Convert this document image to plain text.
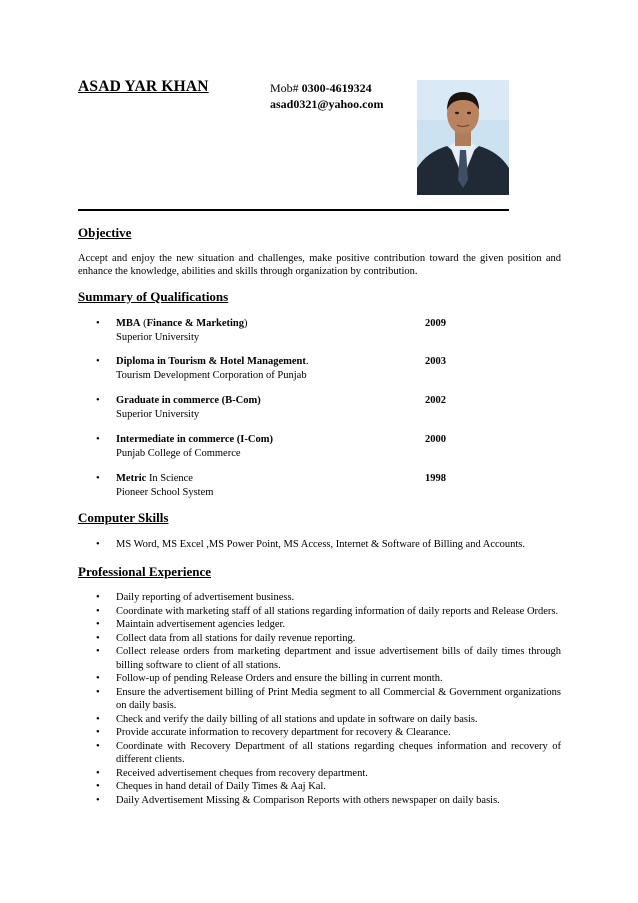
ASAD YAR KHAN	Mob# 0300-4619324
asad0321@yahoo.com
Objective
Accept and enjoy the new situation and challenges, make positive contribution toward the given position and enhance the knowledge, abilities and skills through organization by contribution.
Summary of Qualifications
• MBA (Finance & Marketing)
Superior University
2009
• Diploma in Tourism & Hotel Management.
Tourism Development Corporation of Punjab
2003
• Graduate in commerce (B-Com)
Superior University
2002
• Intermediate in commerce (I-Com)
Punjab College of Commerce
2000
• Metric In Science
Pioneer School System
1998
Computer Skills
• MS Word, MS Excel ,MS Power Point, MS Access, Internet & Software of Billing and Accounts.
Professional Experience
• Daily reporting of advertisement business.
• Coordinate with marketing staff of all stations regarding information of daily reports and Release Orders.
• Maintain advertisement agencies ledger.
• Collect data from all stations for daily revenue reporting.
• Collect release orders from marketing department and issue advertisement bills of daily times through billing software to client of all stations.
• Follow-up of pending Release Orders and ensure the billing in current month.
• Ensure the advertisement billing of Print Media segment to all Commercial & Government organizations on daily basis.
• Check and verify the daily billing of all stations and update in software on daily basis.
• Provide accurate information to recovery department for recovery & Clearance.
• Coordinate with Recovery Department of all stations regarding cheques information and recovery of different clients.
• Received advertisement cheques from recovery department.
• Cheques in hand detail of Daily Times & Aaj Kal.
• Daily Advertisement Missing & Comparison Reports with others newspaper on daily basis.
